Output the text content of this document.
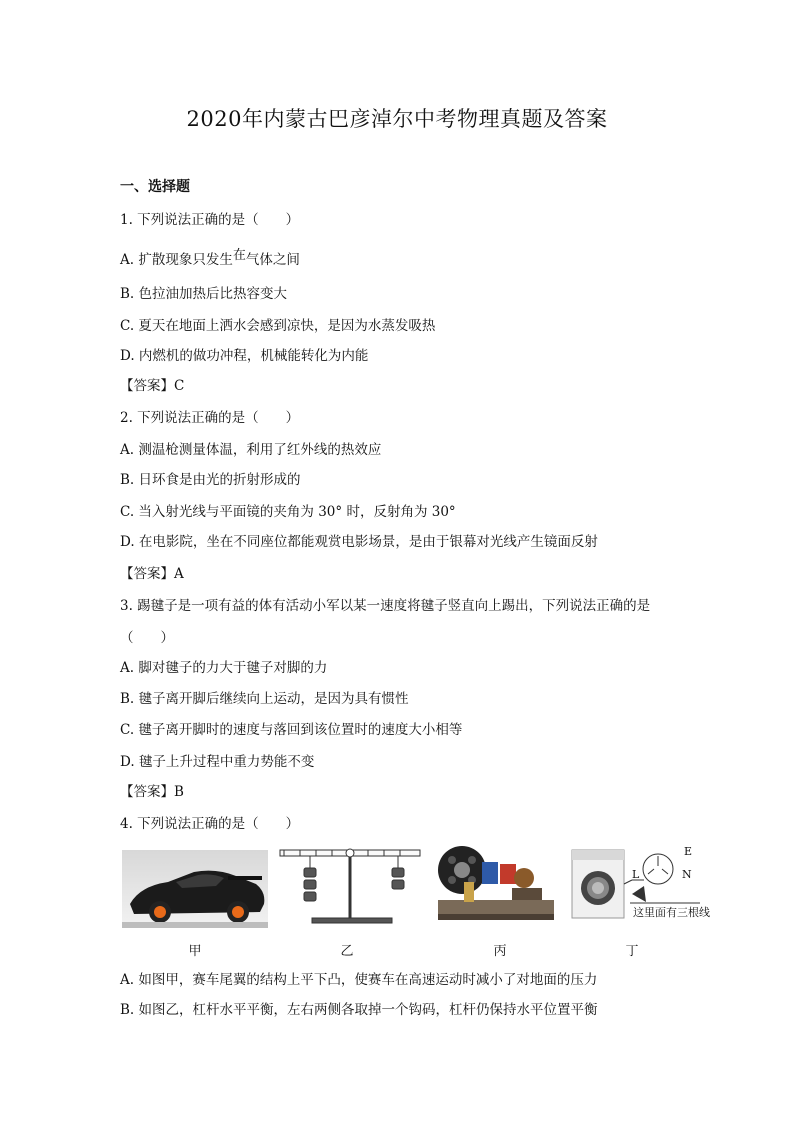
2020年内蒙古巴彦淖尔中考物理真题及答案
一、选择题
1. 下列说法正确的是（　　）
A. 扩散现象只发生在气体之间
B. 色拉油加热后比热容变大
C. 夏天在地面上洒水会感到凉快，是因为水蒸发吸热
D. 内燃机的做功冲程，机械能转化为内能
【答案】C
2. 下列说法正确的是（　　）
A. 测温枪测量体温，利用了红外线的热效应
B. 日环食是由光的折射形成的
C. 当入射光线与平面镜的夹角为 30° 时，反射角为 30°
D. 在电影院，坐在不同座位都能观赏电影场景，是由于银幕对光线产生镜面反射
【答案】A
3. 踢毽子是一项有益的体有活动小军以某一速度将毽子竖直向上踢出，下列说法正确的是
（　　）
A. 脚对毽子的力大于毽子对脚的力
B. 毽子离开脚后继续向上运动，是因为具有惯性
C. 毽子离开脚时的速度与落回到该位置时的速度大小相等
D. 毽子上升过程中重力势能不变
【答案】B
4. 下列说法正确的是（　　）
A. 如图甲，赛车尾翼的结构上平下凸，使赛车在高速运动时减小了对地面的压力
B. 如图乙，杠杆水平平衡，左右两侧各取掉一个钩码，杠杆仍保持水平位置平衡
E
L	N
这里面有三根线
甲	乙	丙	丁
